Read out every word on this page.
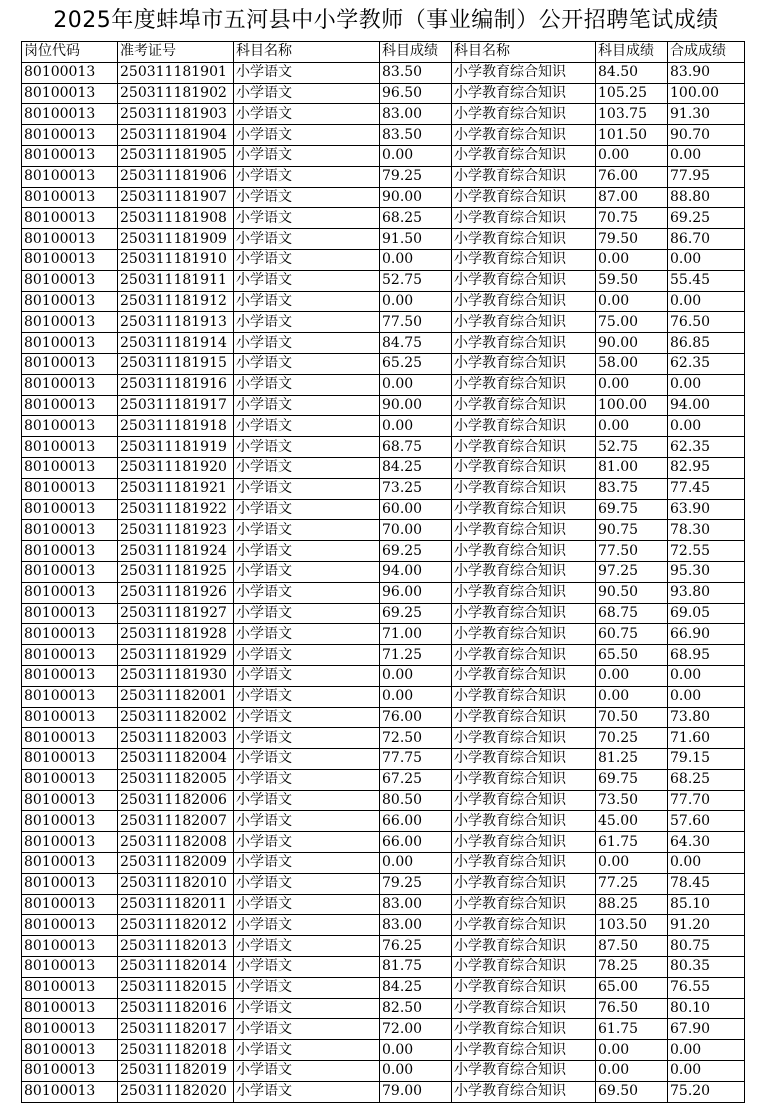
2025年度蚌埠市五河县中小学教师（事业编制）公开招聘笔试成绩
岗位代码	准考证号	科目名称	科目成绩	科目名称	科目成绩	合成成绩
80100013	250311181901	小学语文	83.50	小学教育综合知识	84.50	83.90
80100013	250311181902	小学语文	96.50	小学教育综合知识	105.25	100.00
80100013	250311181903	小学语文	83.00	小学教育综合知识	103.75	91.30
80100013	250311181904	小学语文	83.50	小学教育综合知识	101.50	90.70
80100013	250311181905	小学语文	0.00	小学教育综合知识	0.00	0.00
80100013	250311181906	小学语文	79.25	小学教育综合知识	76.00	77.95
80100013	250311181907	小学语文	90.00	小学教育综合知识	87.00	88.80
80100013	250311181908	小学语文	68.25	小学教育综合知识	70.75	69.25
80100013	250311181909	小学语文	91.50	小学教育综合知识	79.50	86.70
80100013	250311181910	小学语文	0.00	小学教育综合知识	0.00	0.00
80100013	250311181911	小学语文	52.75	小学教育综合知识	59.50	55.45
80100013	250311181912	小学语文	0.00	小学教育综合知识	0.00	0.00
80100013	250311181913	小学语文	77.50	小学教育综合知识	75.00	76.50
80100013	250311181914	小学语文	84.75	小学教育综合知识	90.00	86.85
80100013	250311181915	小学语文	65.25	小学教育综合知识	58.00	62.35
80100013	250311181916	小学语文	0.00	小学教育综合知识	0.00	0.00
80100013	250311181917	小学语文	90.00	小学教育综合知识	100.00	94.00
80100013	250311181918	小学语文	0.00	小学教育综合知识	0.00	0.00
80100013	250311181919	小学语文	68.75	小学教育综合知识	52.75	62.35
80100013	250311181920	小学语文	84.25	小学教育综合知识	81.00	82.95
80100013	250311181921	小学语文	73.25	小学教育综合知识	83.75	77.45
80100013	250311181922	小学语文	60.00	小学教育综合知识	69.75	63.90
80100013	250311181923	小学语文	70.00	小学教育综合知识	90.75	78.30
80100013	250311181924	小学语文	69.25	小学教育综合知识	77.50	72.55
80100013	250311181925	小学语文	94.00	小学教育综合知识	97.25	95.30
80100013	250311181926	小学语文	96.00	小学教育综合知识	90.50	93.80
80100013	250311181927	小学语文	69.25	小学教育综合知识	68.75	69.05
80100013	250311181928	小学语文	71.00	小学教育综合知识	60.75	66.90
80100013	250311181929	小学语文	71.25	小学教育综合知识	65.50	68.95
80100013	250311181930	小学语文	0.00	小学教育综合知识	0.00	0.00
80100013	250311182001	小学语文	0.00	小学教育综合知识	0.00	0.00
80100013	250311182002	小学语文	76.00	小学教育综合知识	70.50	73.80
80100013	250311182003	小学语文	72.50	小学教育综合知识	70.25	71.60
80100013	250311182004	小学语文	77.75	小学教育综合知识	81.25	79.15
80100013	250311182005	小学语文	67.25	小学教育综合知识	69.75	68.25
80100013	250311182006	小学语文	80.50	小学教育综合知识	73.50	77.70
80100013	250311182007	小学语文	66.00	小学教育综合知识	45.00	57.60
80100013	250311182008	小学语文	66.00	小学教育综合知识	61.75	64.30
80100013	250311182009	小学语文	0.00	小学教育综合知识	0.00	0.00
80100013	250311182010	小学语文	79.25	小学教育综合知识	77.25	78.45
80100013	250311182011	小学语文	83.00	小学教育综合知识	88.25	85.10
80100013	250311182012	小学语文	83.00	小学教育综合知识	103.50	91.20
80100013	250311182013	小学语文	76.25	小学教育综合知识	87.50	80.75
80100013	250311182014	小学语文	81.75	小学教育综合知识	78.25	80.35
80100013	250311182015	小学语文	84.25	小学教育综合知识	65.00	76.55
80100013	250311182016	小学语文	82.50	小学教育综合知识	76.50	80.10
80100013	250311182017	小学语文	72.00	小学教育综合知识	61.75	67.90
80100013	250311182018	小学语文	0.00	小学教育综合知识	0.00	0.00
80100013	250311182019	小学语文	0.00	小学教育综合知识	0.00	0.00
80100013	250311182020	小学语文	79.00	小学教育综合知识	69.50	75.20
